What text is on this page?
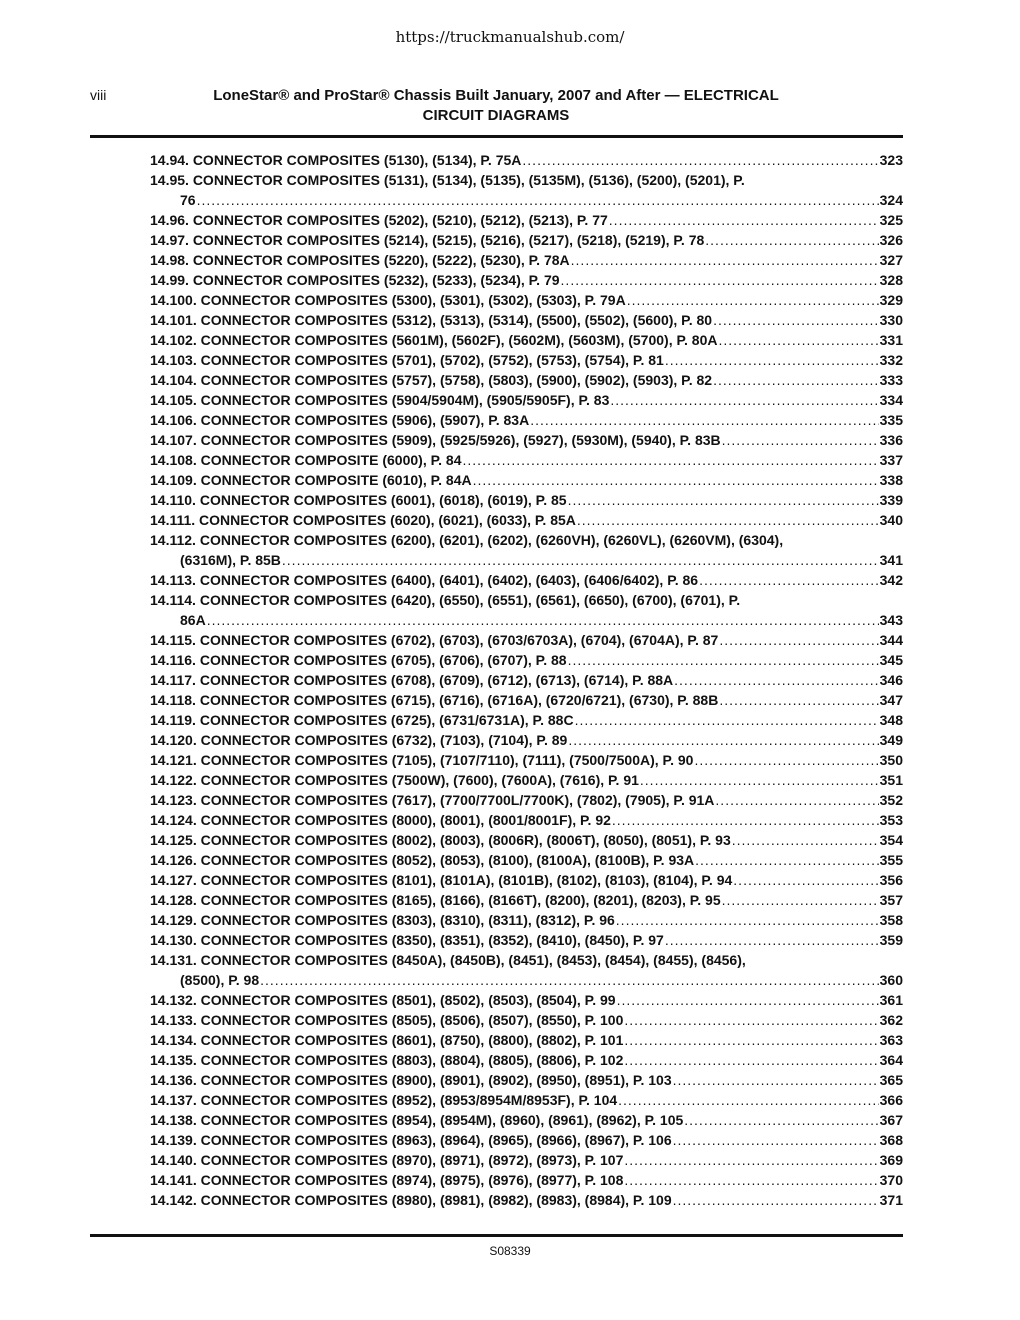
https://truckmanualshub.com/
viii	LoneStar® and ProStar® Chassis Built January, 2007 and After — ELECTRICAL
CIRCUIT DIAGRAMS
14.94. CONNECTOR COMPOSITES (5130), (5134), P. 75A .....	323
14.95. CONNECTOR COMPOSITES (5131), (5134), (5135), (5135M), (5136), (5200), (5201), P.
76 .....	324
14.96. CONNECTOR COMPOSITES (5202), (5210), (5212), (5213), P. 77 .....	325
14.97. CONNECTOR COMPOSITES (5214), (5215), (5216), (5217), (5218), (5219), P. 78 .....	326
14.98. CONNECTOR COMPOSITES (5220), (5222), (5230), P. 78A .....	327
14.99. CONNECTOR COMPOSITES (5232), (5233), (5234), P. 79 .....	328
14.100. CONNECTOR COMPOSITES (5300), (5301), (5302), (5303), P. 79A .....	329
14.101. CONNECTOR COMPOSITES (5312), (5313), (5314), (5500), (5502), (5600), P. 80 .....	330
14.102. CONNECTOR COMPOSITES (5601M), (5602F), (5602M), (5603M), (5700), P. 80A .....	331
14.103. CONNECTOR COMPOSITES (5701), (5702), (5752), (5753), (5754), P. 81 .....	332
14.104. CONNECTOR COMPOSITES (5757), (5758), (5803), (5900), (5902), (5903), P. 82 .....	333
14.105. CONNECTOR COMPOSITES (5904/5904M), (5905/5905F), P. 83 .....	334
14.106. CONNECTOR COMPOSITES (5906), (5907), P. 83A .....	335
14.107. CONNECTOR COMPOSITES (5909), (5925/5926), (5927), (5930M), (5940), P. 83B .....	336
14.108. CONNECTOR COMPOSITE (6000), P. 84 .....	337
14.109. CONNECTOR COMPOSITE (6010), P. 84A .....	338
14.110. CONNECTOR COMPOSITES (6001), (6018), (6019), P. 85 .....	339
14.111. CONNECTOR COMPOSITES (6020), (6021), (6033), P. 85A .....	340
14.112. CONNECTOR COMPOSITES (6200), (6201), (6202), (6260VH), (6260VL), (6260VM), (6304),
(6316M), P. 85B .....	341
14.113. CONNECTOR COMPOSITES (6400), (6401), (6402), (6403), (6406/6402), P. 86 .....	342
14.114. CONNECTOR COMPOSITES (6420), (6550), (6551), (6561), (6650), (6700), (6701), P.
86A .....	343
14.115. CONNECTOR COMPOSITES (6702), (6703), (6703/6703A), (6704), (6704A), P. 87 .....	344
14.116. CONNECTOR COMPOSITES (6705), (6706), (6707), P. 88 .....	345
14.117. CONNECTOR COMPOSITES (6708), (6709), (6712), (6713), (6714), P. 88A .....	346
14.118. CONNECTOR COMPOSITES (6715), (6716), (6716A), (6720/6721), (6730), P. 88B .....	347
14.119. CONNECTOR COMPOSITES (6725), (6731/6731A), P. 88C .....	348
14.120. CONNECTOR COMPOSITES (6732), (7103), (7104), P. 89 .....	349
14.121. CONNECTOR COMPOSITES (7105), (7107/7110), (7111), (7500/7500A), P. 90 .....	350
14.122. CONNECTOR COMPOSITES (7500W), (7600), (7600A), (7616), P. 91 .....	351
14.123. CONNECTOR COMPOSITES (7617), (7700/7700L/7700K), (7802), (7905), P. 91A .....	352
14.124. CONNECTOR COMPOSITES (8000), (8001), (8001/8001F), P. 92 .....	353
14.125. CONNECTOR COMPOSITES (8002), (8003), (8006R), (8006T), (8050), (8051), P. 93 .....	354
14.126. CONNECTOR COMPOSITES (8052), (8053), (8100), (8100A), (8100B), P. 93A .....	355
14.127. CONNECTOR COMPOSITES (8101), (8101A), (8101B), (8102), (8103), (8104), P. 94 .....	356
14.128. CONNECTOR COMPOSITES (8165), (8166), (8166T), (8200), (8201), (8203), P. 95 .....	357
14.129. CONNECTOR COMPOSITES (8303), (8310), (8311), (8312), P. 96 .....	358
14.130. CONNECTOR COMPOSITES (8350), (8351), (8352), (8410), (8450), P. 97 .....	359
14.131. CONNECTOR COMPOSITES (8450A), (8450B), (8451), (8453), (8454), (8455), (8456),
(8500), P. 98 .....	360
14.132. CONNECTOR COMPOSITES (8501), (8502), (8503), (8504), P. 99 .....	361
14.133. CONNECTOR COMPOSITES (8505), (8506), (8507), (8550), P. 100 .....	362
14.134. CONNECTOR COMPOSITES (8601), (8750), (8800), (8802), P. 101 .....	363
14.135. CONNECTOR COMPOSITES (8803), (8804), (8805), (8806), P. 102 .....	364
14.136. CONNECTOR COMPOSITES (8900), (8901), (8902), (8950), (8951), P. 103 .....	365
14.137. CONNECTOR COMPOSITES (8952), (8953/8954M/8953F), P. 104 .....	366
14.138. CONNECTOR COMPOSITES (8954), (8954M), (8960), (8961), (8962), P. 105 .....	367
14.139. CONNECTOR COMPOSITES (8963), (8964), (8965), (8966), (8967), P. 106 .....	368
14.140. CONNECTOR COMPOSITES (8970), (8971), (8972), (8973), P. 107 .....	369
14.141. CONNECTOR COMPOSITES (8974), (8975), (8976), (8977), P. 108 .....	370
14.142. CONNECTOR COMPOSITES (8980), (8981), (8982), (8983), (8984), P. 109 .....	371
S08339
